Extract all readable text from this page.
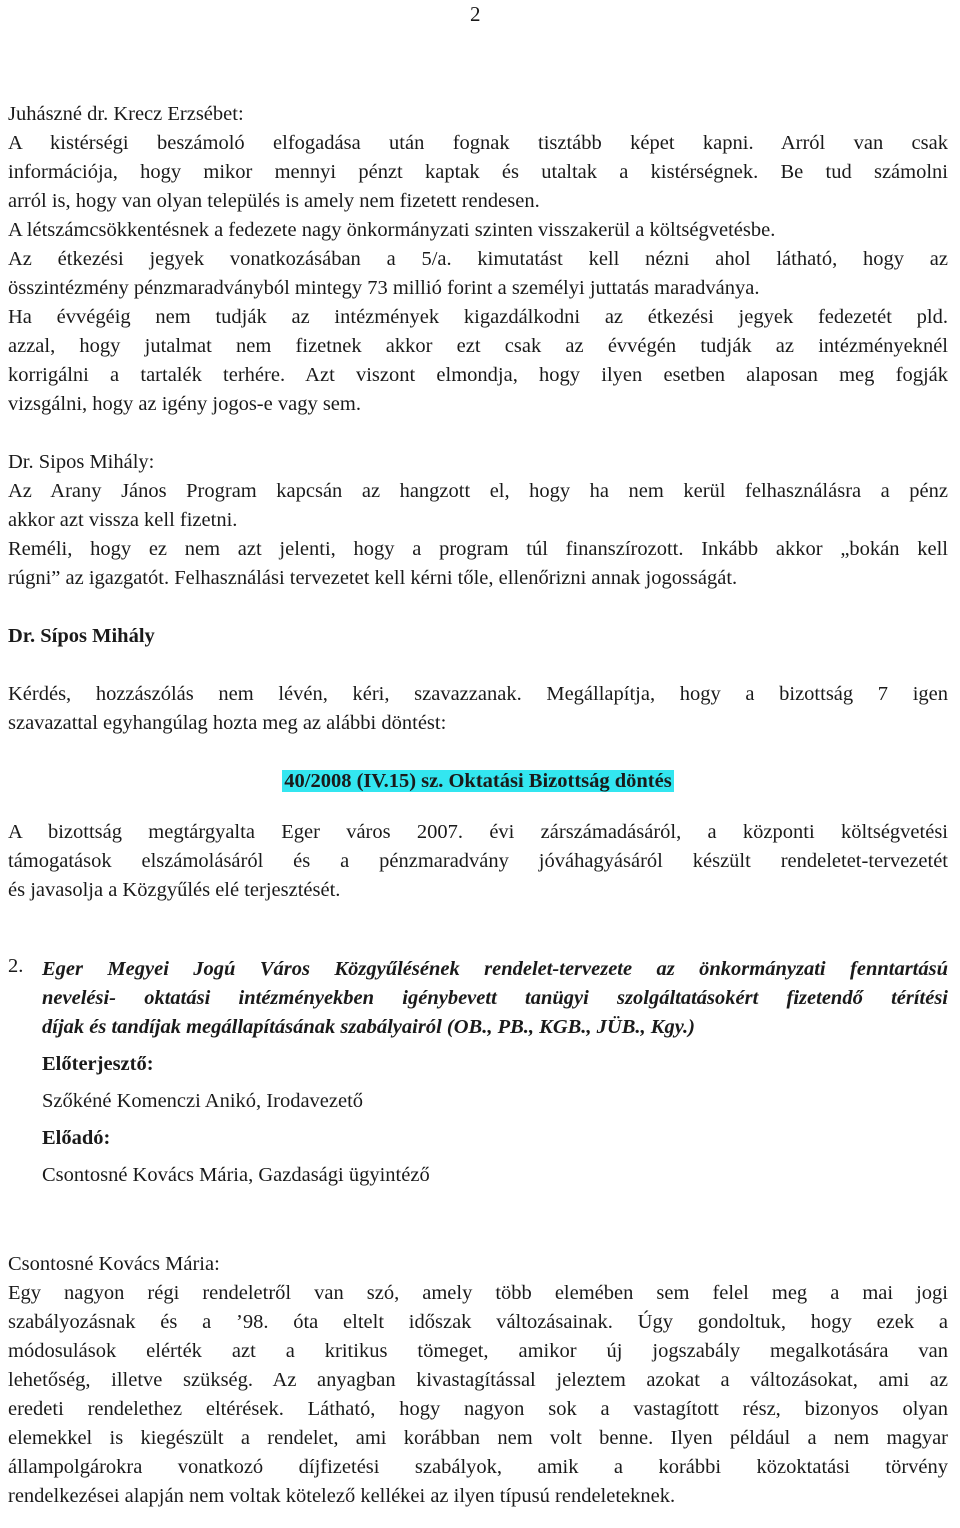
2
Juhászné dr. Krecz Erzsébet:
A kistérségi beszámoló elfogadása után fognak tisztább képet kapni. Arról van csak
információja, hogy mikor mennyi pénzt kaptak és utaltak a kistérségnek. Be tud számolni
arról is, hogy van olyan település is amely nem fizetett rendesen.
A létszámcsökkentésnek a fedezete nagy önkormányzati szinten visszakerül a költségvetésbe.
Az étkezési jegyek vonatkozásában a 5/a. kimutatást kell nézni ahol látható, hogy az
összintézmény pénzmaradványból mintegy 73 millió forint a személyi juttatás maradványa.
Ha évvégéig nem tudják az intézmények kigazdálkodni az étkezési jegyek fedezetét pld.
azzal, hogy jutalmat nem fizetnek akkor ezt csak az évvégén tudják az intézményeknél
korrigálni a tartalék terhére. Azt viszont elmondja, hogy ilyen esetben alaposan meg fogják
vizsgálni, hogy az igény jogos-e vagy sem.
Dr. Sipos Mihály:
Az Arany János Program kapcsán az hangzott el, hogy ha nem kerül felhasználásra a pénz
akkor azt vissza kell fizetni.
Reméli, hogy ez nem azt jelenti, hogy a program túl finanszírozott. Inkább akkor „bokán kell
rúgni” az igazgatót. Felhasználási tervezetet kell kérni tőle, ellenőrizni annak jogosságát.
Dr. Sípos Mihály
Kérdés, hozzászólás nem lévén, kéri, szavazzanak. Megállapítja, hogy a bizottság 7 igen
szavazattal egyhangúlag hozta meg az alábbi döntést:
40/2008 (IV.15) sz. Oktatási Bizottság döntés
A bizottság megtárgyalta Eger város 2007. évi zárszámadásáról, a központi költségvetési
támogatások elszámolásáról és a pénzmaradvány jóváhagyásáról készült rendeletet-tervezetét
és javasolja a Közgyűlés elé terjesztését.
2. Eger Megyei Jogú Város Közgyűlésének rendelet-tervezete az önkormányzati fenntartású
nevelési- oktatási intézményekben igénybevett tanügyi szolgáltatásokért fizetendő térítési
díjak és tandíjak megállapításának szabályairól (OB., PB., KGB., JÜB., Kgy.)
Előterjesztő:
Szőkéné Komenczi Anikó, Irodavezető
Előadó:
Csontosné Kovács Mária, Gazdasági ügyintéző
Csontosné Kovács Mária:
Egy nagyon régi rendeletről van szó, amely több elemében sem felel meg a mai jogi
szabályozásnak és a ’98. óta eltelt időszak változásainak. Úgy gondoltuk, hogy ezek a
módosulások elérték azt a kritikus tömeget, amikor új jogszabály megalkotására van
lehetőség, illetve szükség. Az anyagban kivastagítással jeleztem azokat a változásokat, ami az
eredeti rendelethez eltérések. Látható, hogy nagyon sok a vastagított rész, bizonyos olyan
elemekkel is kiegészült a rendelet, ami korábban nem volt benne. Ilyen például a nem magyar
állampolgárokra vonatkozó díjfizetési szabályok, amik a korábbi közoktatási törvény
rendelkezései alapján nem voltak kötelező kellékei az ilyen típusú rendeleteknek.
